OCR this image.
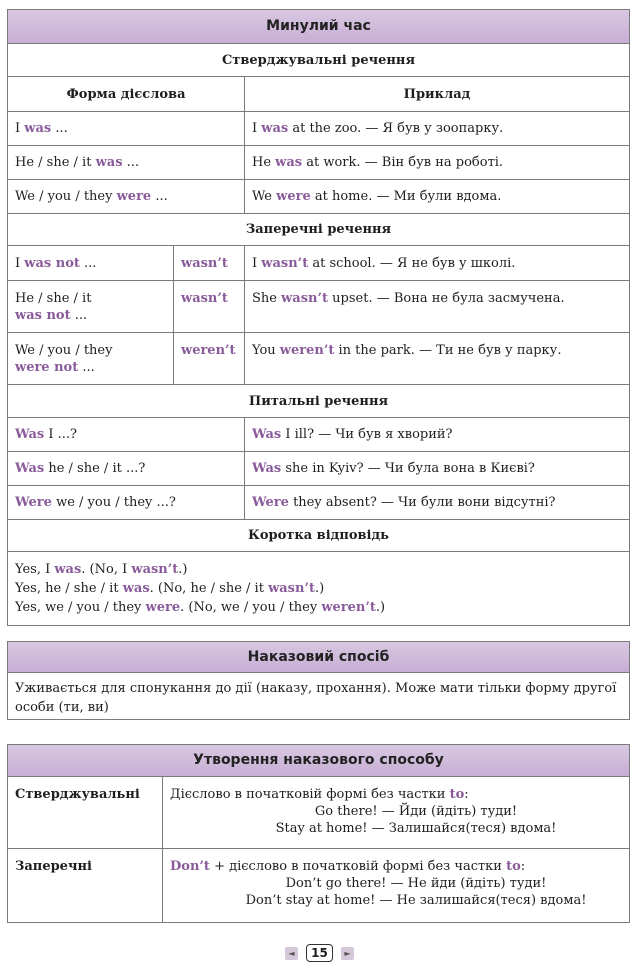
Минулий час
Стверджувальні речення		
Форма дієслова		Приклад
I was ...		I was at the zoo. — Я був у зоопарку.
He / she / it was ...		He was at work. — Він був на роботі.
We / you / they were ...		We were at home. — Ми були вдома.
Заперечні речення		
I was not ...	wasn’t	I wasn’t at school. — Я не був у школі.

He / she / it
was not ...	wasn’t	She wasn’t upset. — Вона не була засмучена.

We / you / they
were not ...	weren’t	You weren’t in the park. — Ти не був у парку.
Питальні речення		
Was I ...?		Was I ill? — Чи був я хворий?
Was he / she / it ...?		Was she in Kyiv? — Чи була вона в Києві?
Were we / you / they ...?		Were they absent? — Чи були вони відсутні?
Коротка відповідь		

Yes, I was. (No, I wasn’t.)
Yes, he / she / it was. (No, he / she / it wasn’t.)
Yes, we / you / they were. (No, we / you / they weren’t.)		
Наказовий спосіб
Уживається для спонукання до дії (наказу, прохання). Може мати тільки форму другої особи (ти, ви)
Утворення наказового способу
Стверджувальні	Дієслово в початковій формі без частки to:
Go there! — Йди (йдіть) туди!
Stay at home! — Залишайся(теся) вдома!

Заперечні	Don’t + дієслово в початковій формі без частки to:
Don’t go there! — Не йди (йдіть) туди!
Don’t stay at home! — Не залишайся(теся) вдома!
◄ 15 ►
